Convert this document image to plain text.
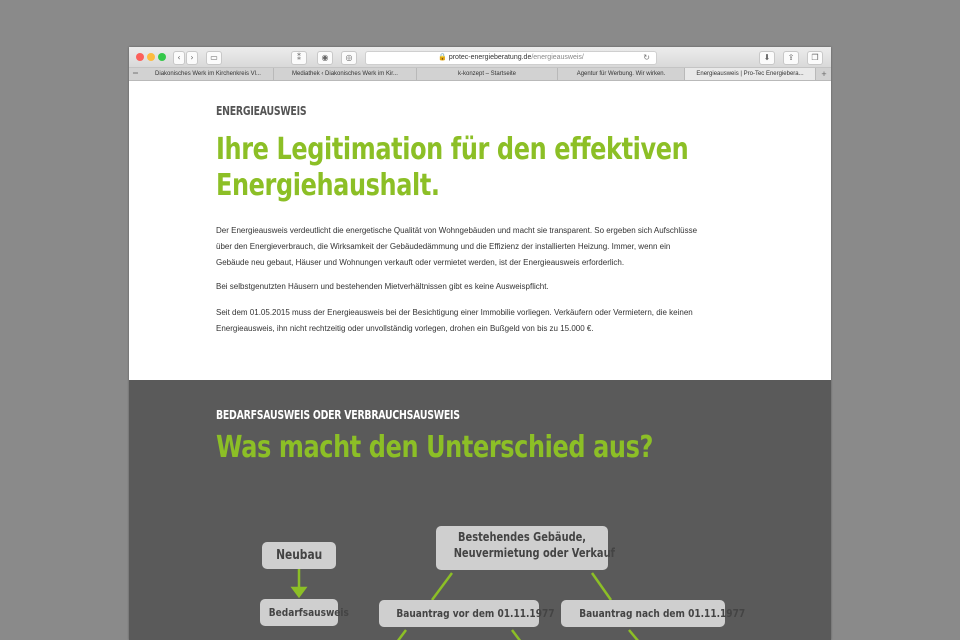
‹	›	▭	⁑	◉	◎	🔒 protec-energieberatung.de/energieausweis/	↻	⬇	⇪	❐
═	Diakonisches Werk im Kirchenkreis Vl...	Mediathek ‹ Diakonisches Werk im Kir...	k-konzept – Startseite	Agentur für Werbung. Wir wirken.	Energieausweis | Pro-Tec Energiebera...	+
ENERGIEAUSWEIS
Ihre Legitimation für den effektiven
Energiehaushalt.
Der Energieausweis verdeutlicht die energetische Qualität von Wohngebäuden und macht sie transparent. So ergeben sich Aufschlüsse
über den Energieverbrauch, die Wirksamkeit der Gebäudedämmung und die Effizienz der installierten Heizung. Immer, wenn ein
Gebäude neu gebaut, Häuser und Wohnungen verkauft oder vermietet werden, ist der Energieausweis erforderlich.
Bei selbstgenutzten Häusern und bestehenden Mietverhältnissen gibt es keine Ausweispflicht.
Seit dem 01.05.2015 muss der Energieausweis bei der Besichtigung einer Immobilie vorliegen. Verkäufern oder Vermietern, die keinen
Energieausweis, ihn nicht rechtzeitig oder unvollständig vorlegen, drohen ein Bußgeld von bis zu 15.000 €.
BEDARFSAUSWEIS ODER VERBRAUCHSAUSWEIS
Was macht den Unterschied aus?
Neubau
Bestehendes Gebäude,
Neuvermietung oder Verkauf
Bedarfsausweis	Bauantrag vor dem 01.11.1977	Bauantrag nach dem 01.11.1977
